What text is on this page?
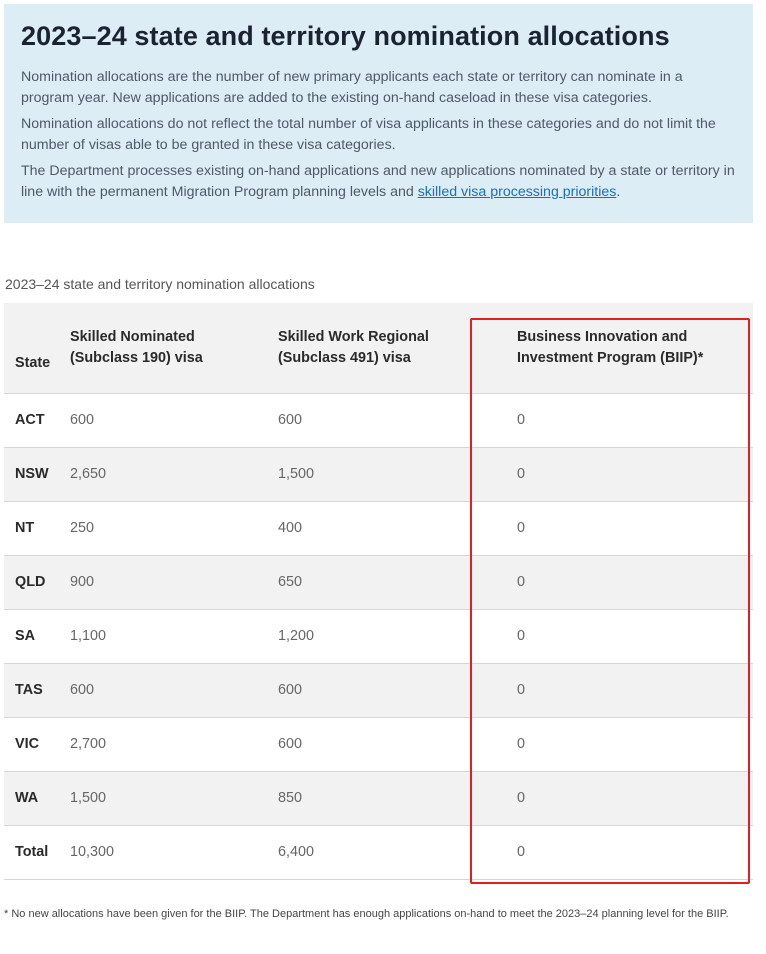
2023–24 state and territory nomination allocations

Nomination allocations are the number of new primary applicants each state or territory can nominate in a program year. New applications are added to the existing on-hand caseload in these visa categories.

Nomination allocations do not reflect the total number of visa applicants in these categories and do not limit the number of visas able to be granted in these visa categories.

The Department processes existing on-hand applications and new applications nominated by a state or territory in line with the permanent Migration Program planning levels and skilled visa processing priorities.

2023–24 state and territory nomination allocations
State	Skilled Nominated (Subclass 190) visa	Skilled Work Regional (Subclass 491) visa	Business Innovation and Investment Program (BIIP)*
ACT	600	600	0
NSW	2,650	1,500	0
NT	250	400	0
QLD	900	650	0
SA	1,100	1,200	0
TAS	600	600	0
VIC	2,700	600	0
WA	1,500	850	0
Total	10,300	6,400	0
* No new allocations have been given for the BIIP. The Department has enough applications on-hand to meet the 2023–24 planning level for the BIIP.
